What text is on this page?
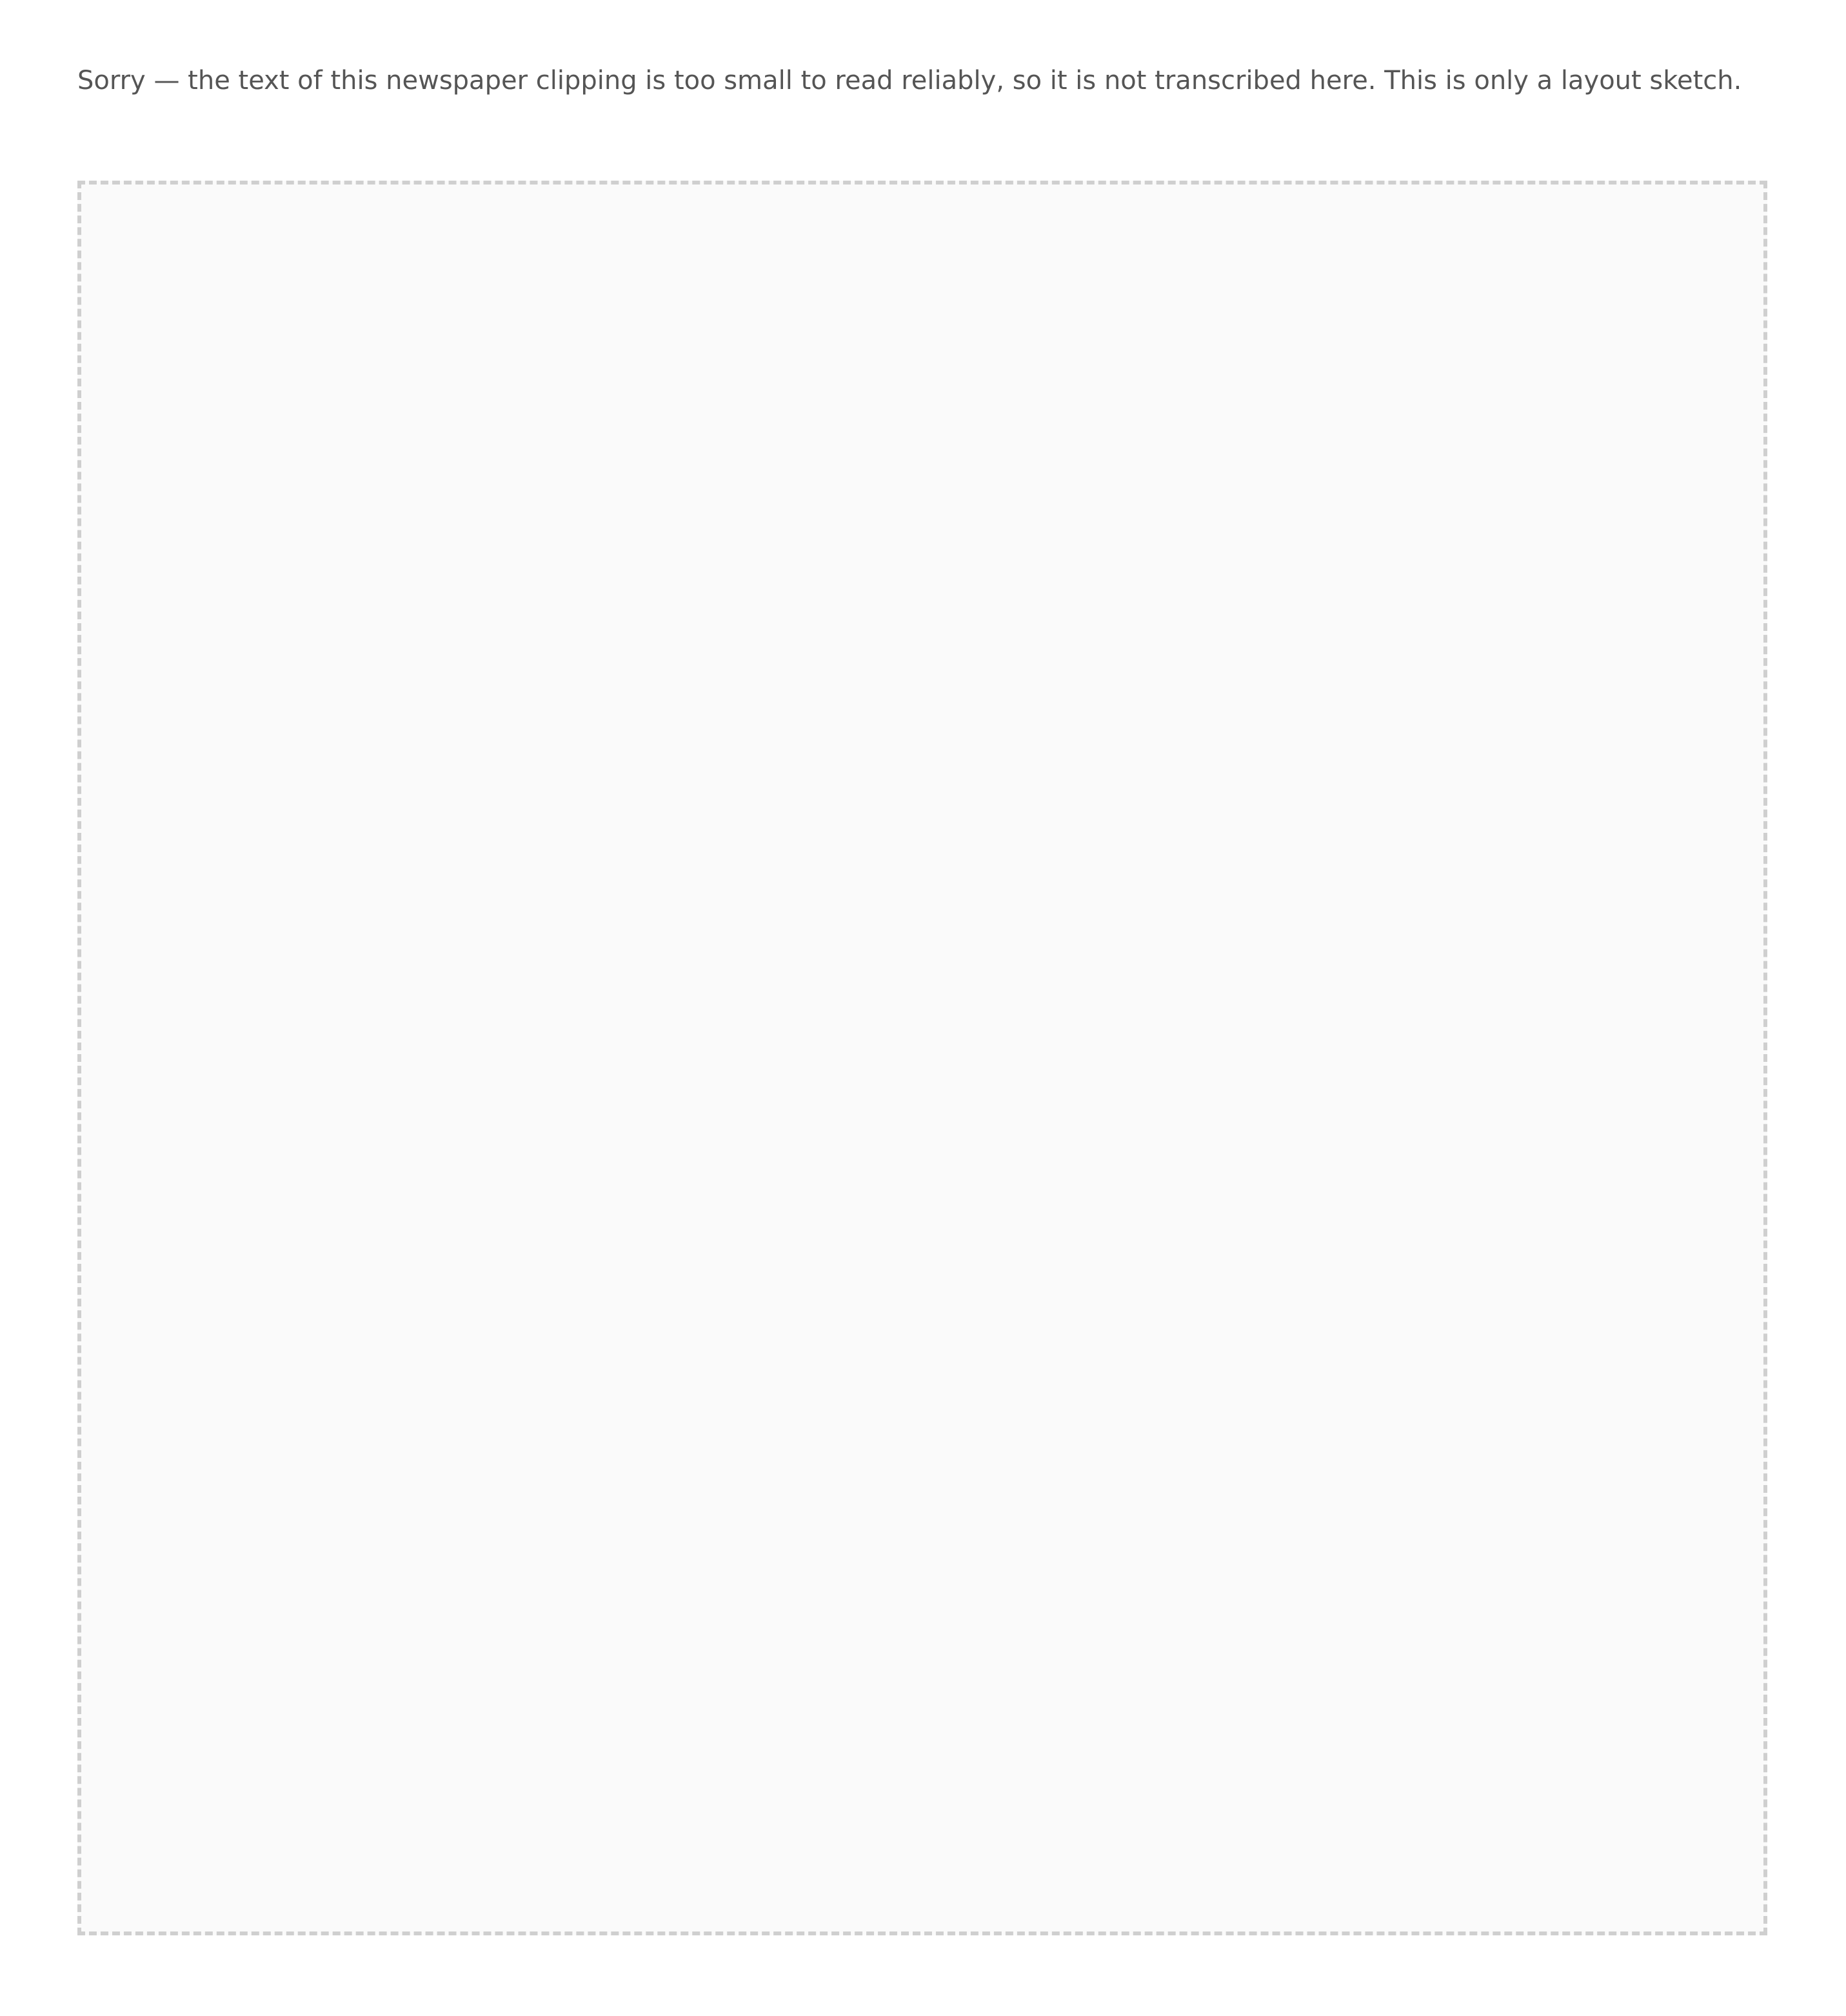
Sorry — the text of this newspaper clipping is too small to read reliably, so it is not transcribed here. This is only a layout sketch.
